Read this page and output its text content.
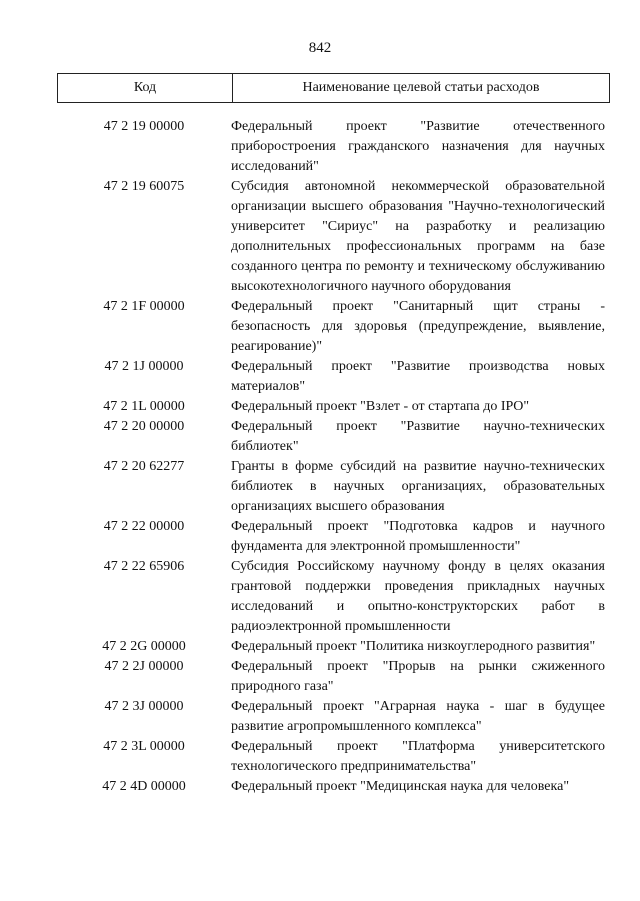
842
Код	Наименование целевой статьи расходов
47 2 19 00000	Федеральный проект "Развитие отечественного приборостроения гражданского назначения для научных исследований"
47 2 19 60075	Субсидия автономной некоммерческой образовательной организации высшего образования "Научно-технологический университет "Сириус" на разработку и реализацию дополнительных профессиональных программ на базе созданного центра по ремонту и техническому обслуживанию высокотехнологичного научного оборудования
47 2 1F 00000	Федеральный проект "Санитарный щит страны - безопасность для здоровья (предупреждение, выявление, реагирование)"
47 2 1J 00000	Федеральный проект "Развитие производства новых материалов"
47 2 1L 00000	Федеральный проект "Взлет - от стартапа до IPO"
47 2 20 00000	Федеральный проект "Развитие научно-технических библиотек"
47 2 20 62277	Гранты в форме субсидий на развитие научно-технических библиотек в научных организациях, образовательных организациях высшего образования
47 2 22 00000	Федеральный проект "Подготовка кадров и научного фундамента для электронной промышленности"
47 2 22 65906	Субсидия Российскому научному фонду в целях оказания грантовой поддержки проведения прикладных научных исследований и опытно-конструкторских работ в радиоэлектронной промышленности
47 2 2G 00000	Федеральный проект "Политика низкоуглеродного развития"
47 2 2J 00000	Федеральный проект "Прорыв на рынки сжиженного природного газа"
47 2 3J 00000	Федеральный проект "Аграрная наука - шаг в будущее развитие агропромышленного комплекса"
47 2 3L 00000	Федеральный проект "Платформа университетского технологического предпринимательства"
47 2 4D 00000	Федеральный проект "Медицинская наука для человека"
